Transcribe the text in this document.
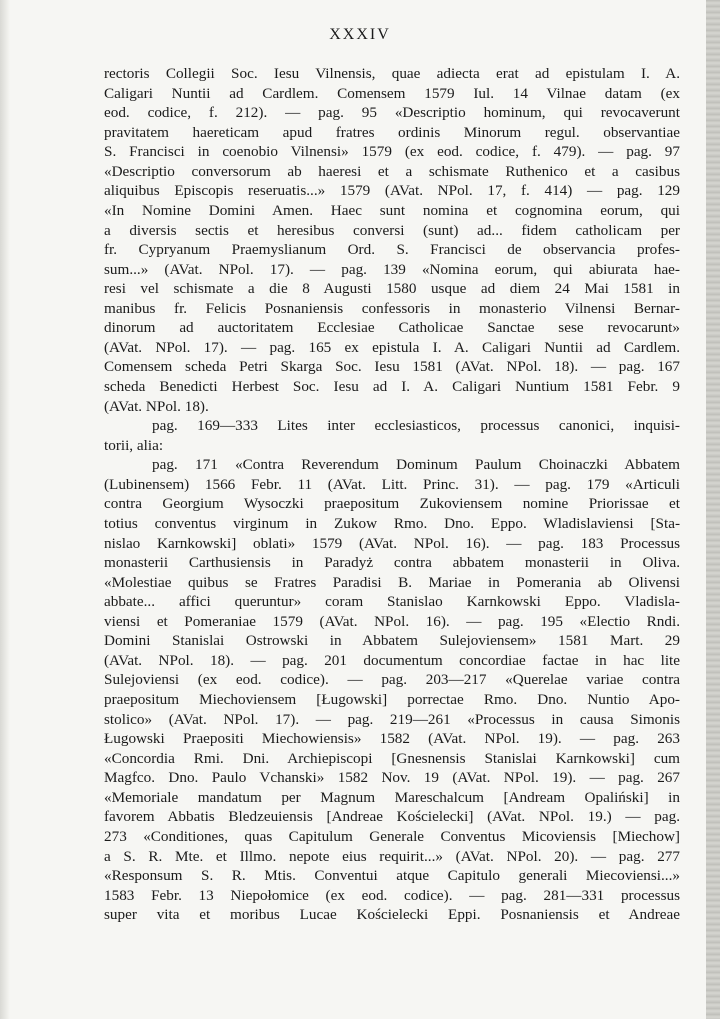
XXXIV
rectoris Collegii Soc. Iesu Vilnensis, quae adiecta erat ad epistulam I. A.
Caligari Nuntii ad Cardlem. Comensem 1579 Iul. 14 Vilnae datam (ex
eod. codice, f. 212). — pag. 95 «Descriptio hominum, qui revocaverunt
pravitatem haereticam apud fratres ordinis Minorum regul. observantiae
S. Francisci in coenobio Vilnensi» 1579 (ex eod. codice, f. 479). — pag. 97
«Descriptio conversorum ab haeresi et a schismate Ruthenico et a casibus
aliquibus Episcopis reseruatis...» 1579 (AVat. NPol. 17, f. 414) — pag. 129
«In Nomine Domini Amen. Haec sunt nomina et cognomina eorum, qui
a diversis sectis et heresibus conversi (sunt) ad... fidem catholicam per
fr. Cypryanum Praemyslianum Ord. S. Francisci de observancia profes-
sum...» (AVat. NPol. 17). — pag. 139 «Nomina eorum, qui abiurata hae-
resi vel schismate a die 8 Augusti 1580 usque ad diem 24 Mai 1581 in
manibus fr. Felicis Posnaniensis confessoris in monasterio Vilnensi Bernar-
dinorum ad auctoritatem Ecclesiae Catholicae Sanctae sese revocarunt»
(AVat. NPol. 17). — pag. 165 ex epistula I. A. Caligari Nuntii ad Cardlem.
Comensem scheda Petri Skarga Soc. Iesu 1581 (AVat. NPol. 18). — pag. 167
scheda Benedicti Herbest Soc. Iesu ad I. A. Caligari Nuntium 1581 Febr. 9
(AVat. NPol. 18).
pag. 169—333 Lites inter ecclesiasticos, processus canonici, inquisi-
torii, alia:
pag. 171 «Contra Reverendum Dominum Paulum Choinaczki Abbatem
(Lubinensem) 1566 Febr. 11 (AVat. Litt. Princ. 31). — pag. 179 «Articuli
contra Georgium Wysoczki praepositum Zukoviensem nomine Priorissae et
totius conventus virginum in Zukow Rmo. Dno. Eppo. Wladislaviensi [Sta-
nislao Karnkowski] oblati» 1579 (AVat. NPol. 16). — pag. 183 Processus
monasterii Carthusiensis in Paradyż contra abbatem monasterii in Oliva.
«Molestiae quibus se Fratres Paradisi B. Mariae in Pomerania ab Olivensi
abbate... affici queruntur» coram Stanislao Karnkowski Eppo. Vladisla-
viensi et Pomeraniae 1579 (AVat. NPol. 16). — pag. 195 «Electio Rndi.
Domini Stanislai Ostrowski in Abbatem Sulejoviensem» 1581 Mart. 29
(AVat. NPol. 18). — pag. 201 documentum concordiae factae in hac lite
Sulejoviensi (ex eod. codice). — pag. 203—217 «Querelae variae contra
praepositum Miechoviensem [Ługowski] porrectae Rmo. Dno. Nuntio Apo-
stolico» (AVat. NPol. 17). — pag. 219—261 «Processus in causa Simonis
Ługowski Praepositi Miechowiensis» 1582 (AVat. NPol. 19). — pag. 263
«Concordia Rmi. Dni. Archiepiscopi [Gnesnensis Stanislai Karnkowski] cum
Magfco. Dno. Paulo Vchanski» 1582 Nov. 19 (AVat. NPol. 19). — pag. 267
«Memoriale mandatum per Magnum Mareschalcum [Andream Opaliński] in
favorem Abbatis Bledzeuiensis [Andreae Kościelecki] (AVat. NPol. 19.) — pag.
273 «Conditiones, quas Capitulum Generale Conventus Micoviensis [Miechow]
a S. R. Mte. et Illmo. nepote eius requirit...» (AVat. NPol. 20). — pag. 277
«Responsum S. R. Mtis. Conventui atque Capitulo generali Miecoviensi...»
1583 Febr. 13 Niepołomice (ex eod. codice). — pag. 281—331 processus
super vita et moribus Lucae Kościelecki Eppi. Posnaniensis et Andreae
